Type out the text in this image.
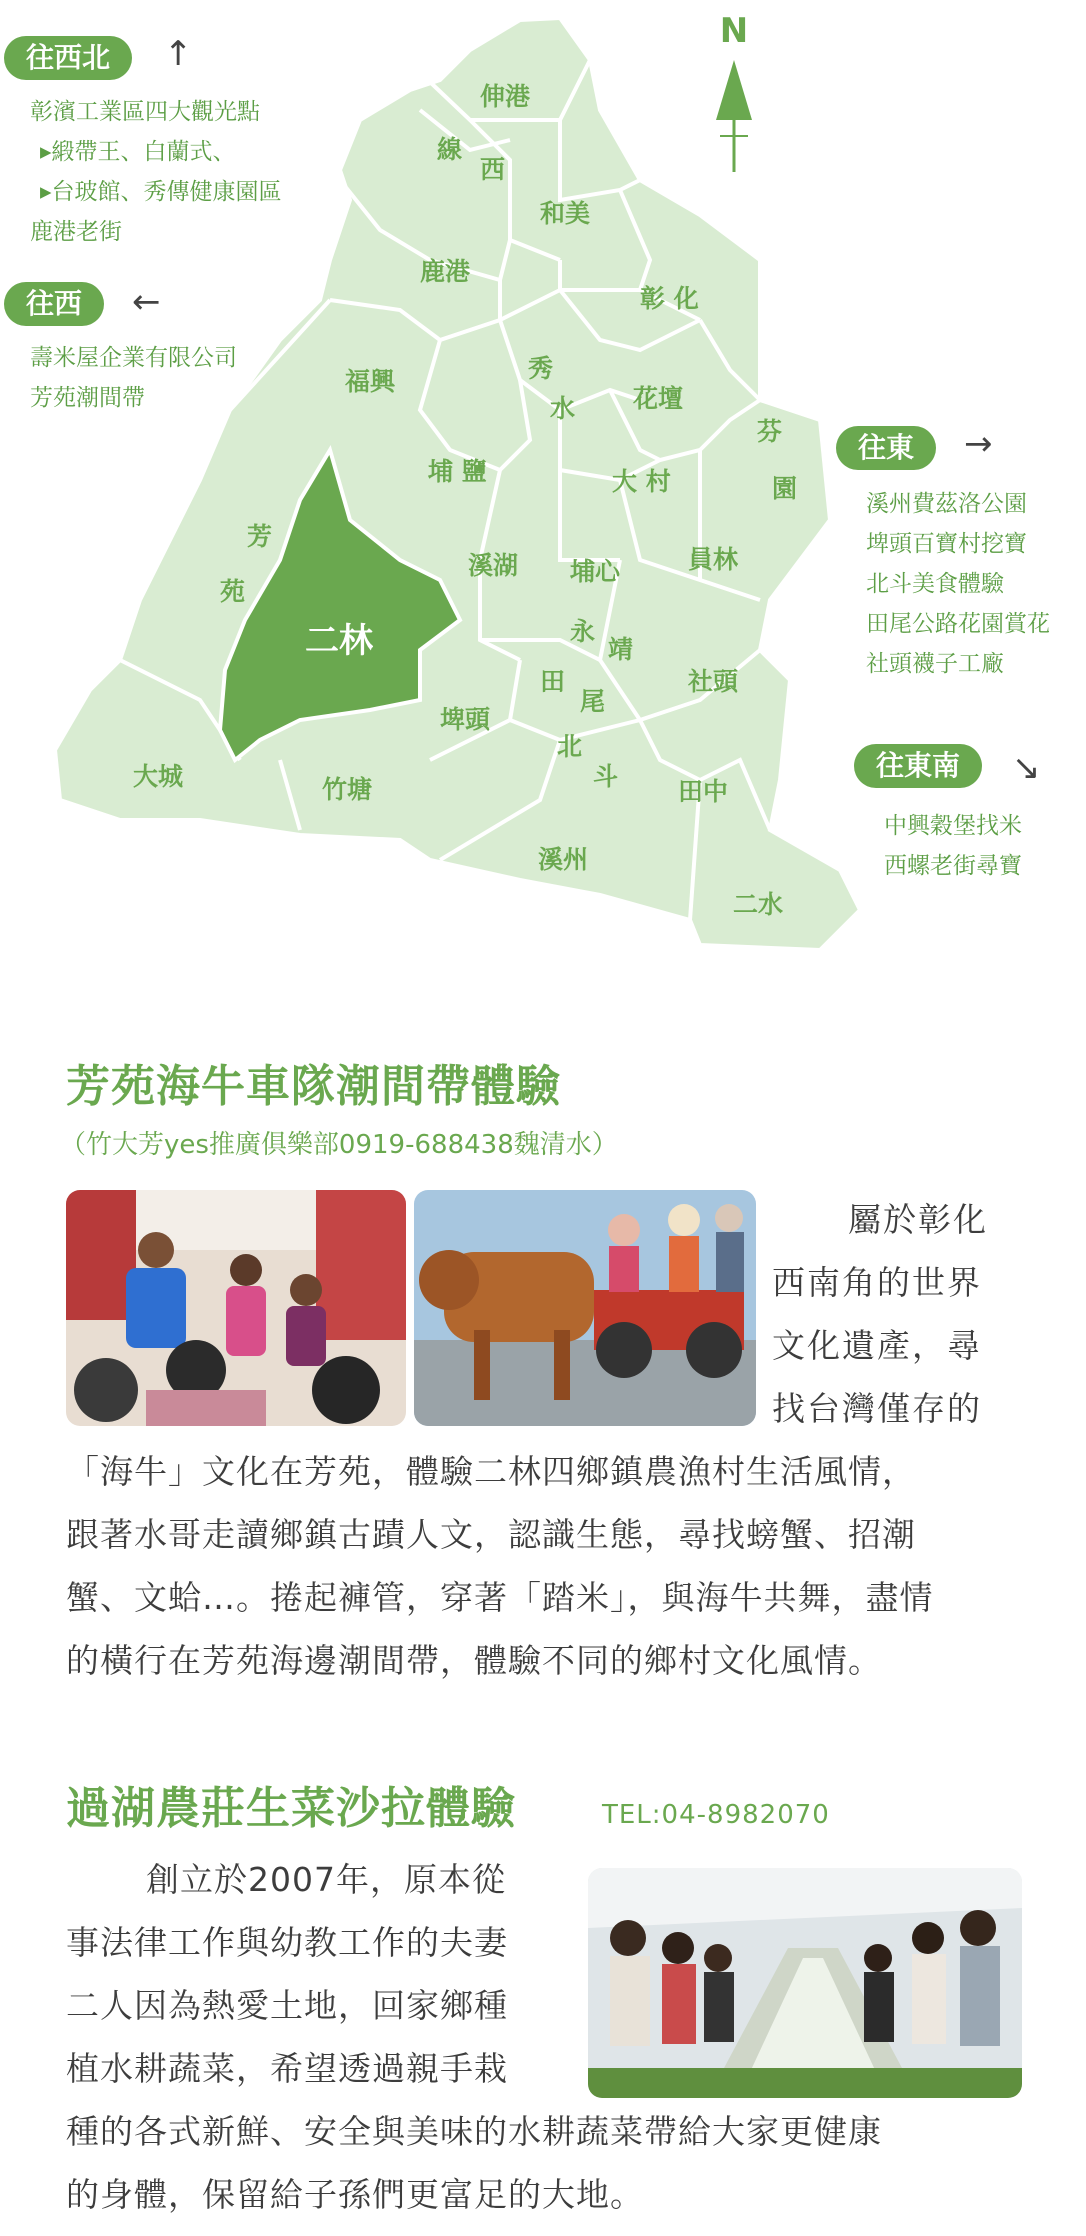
伸港
線
西
和美
鹿港
彰 化
福興	秀
水 花壇
芬
園
埔 鹽	大 村
芳
苑
溪湖 埔心	員林
二林	永
靖
田
尾
社頭
埤頭
北
斗
大城	竹塘	田中
溪州
二水
N
往西北	↑
彰濱工業區四大觀光點
▸緞帶王、白蘭式、
▸台玻館、秀傳健康園區
鹿港老街
往西	←
壽米屋企業有限公司
芳苑潮間帶
往東	→
溪州費茲洛公園
埤頭百寶村挖寶
北斗美食體驗
田尾公路花園賞花
社頭襪子工廠
往東南	↘
中興穀堡找米
西螺老街尋寶
芳苑海牛車隊潮間帶體驗
（竹大芳yes推廣俱樂部0919-688438魏清水）
屬於彰化
西南角的世界
文化遺產，尋
找台灣僅存的
「海牛」文化在芳苑，體驗二林四鄉鎮農漁村生活風情，
跟著水哥走讀鄉鎮古蹟人文，認識生態，尋找螃蟹、招潮
蟹、文蛤…。捲起褲管，穿著「踏米」，與海牛共舞，盡情
的橫行在芳苑海邊潮間帶，體驗不同的鄉村文化風情。
過湖農莊生菜沙拉體驗	TEL:04-8982070
創立於2007年，原本從
事法律工作與幼教工作的夫妻
二人因為熱愛土地，回家鄉種
植水耕蔬菜，希望透過親手栽
種的各式新鮮、安全與美味的水耕蔬菜帶給大家更健康
的身體，保留給子孫們更富足的大地。
